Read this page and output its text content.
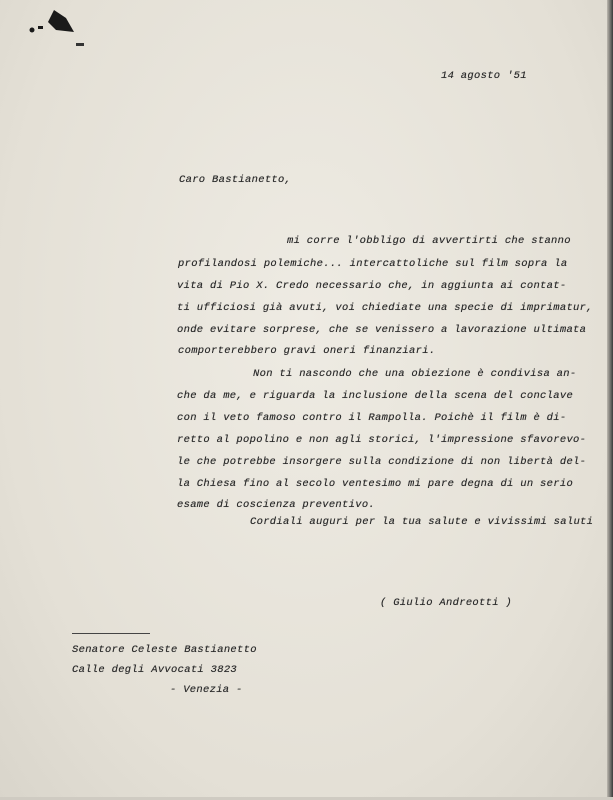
14 agosto '51
Caro Bastianetto,
mi corre l'obbligo di avvertirti che stanno
profilandosi polemiche... intercattoliche sul film sopra la
vita di Pio X. Credo necessario che, in aggiunta ai contat-
ti ufficiosi già avuti, voi chiediate una specie di imprimatur,
onde evitare sorprese, che se venissero a lavorazione ultimata
comporterebbero gravi oneri finanziari.
Non ti nascondo che una obiezione è condivisa an-
che da me, e riguarda la inclusione della scena del conclave
con il veto famoso contro il Rampolla. Poichè il film è di-
retto al popolino e non agli storici, l'impressione sfavorevo-
le che potrebbe insorgere sulla condizione di non libertà del-
la Chiesa fino al secolo ventesimo mi pare degna di un serio
esame di coscienza preventivo.
Cordiali auguri per la tua salute e vivissimi saluti
( Giulio Andreotti )
Senatore Celeste Bastianetto
Calle degli Avvocati 3823
- Venezia -
